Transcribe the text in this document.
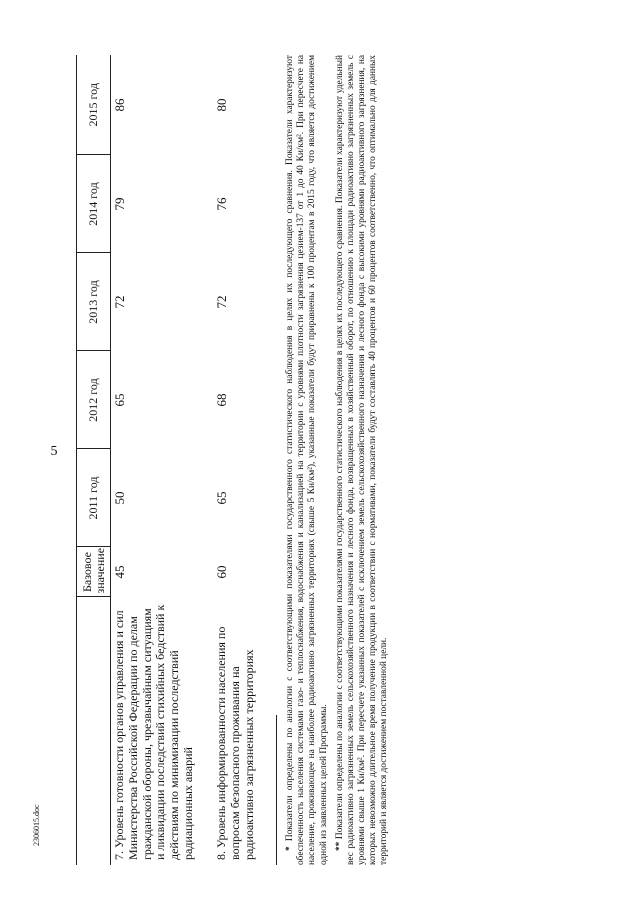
5
2306015.doc
	Базовое значение	2011 год	2012 год	2013 год	2014 год	2015 год
7. Уровень готовности органов управления и сил Министерства Российской Федерации по делам гражданской обороны, чрезвычайным ситуациям и ликвидации последствий стихийных бедствий к действиям по минимизации последствий радиационных аварий	45	50	65	72	79	86
8. Уровень информированности населения по вопросам безопасного проживания на радиоактивно загрязненных территориях	60	65	68	72	76	80

* Показатели определены по аналогии с соответствующими показателями государственного статистического наблюдения в целях их последующего сравнения. Показатели характеризуют обеспеченность населения системами газо- и теплоснабжения, водоснабжения и канализацией на территории с уровнями плотности загрязнения цезием-137 от 1 до 40 Ки/км². При пересчете на население, проживающее на наиболее радиоактивно загрязненных территориях (свыше 5 Ки/км²), указанные показатели будут приравнены к 100 процентам в 2015 году, что является достижением одной из заявленных целей Программы. ** Показатели определены по аналогии с соответствующими показателями государственного статистического наблюдения в целях их последующего сравнения. Показатели характеризуют удельный вес радиоактивно загрязненных земель сельскохозяйственного назначения и лесного фонда, возвращенных в хозяйственный оборот, по отношению к площади радиоактивно загрязненных земель с уровнями свыше 1 Ки/км². При пересчете указанных показателей с исключением земель сельскохозяйственного назначения и лесного фонда с высокими уровнями радиоактивного загрязнения, на которых невозможно длительное время получение продукции в соответствии с нормативами, показатели будут составлять 40 процентов и 60 процентов соответственно, что оптимально для данных территорий и является достижением поставленной цели.
